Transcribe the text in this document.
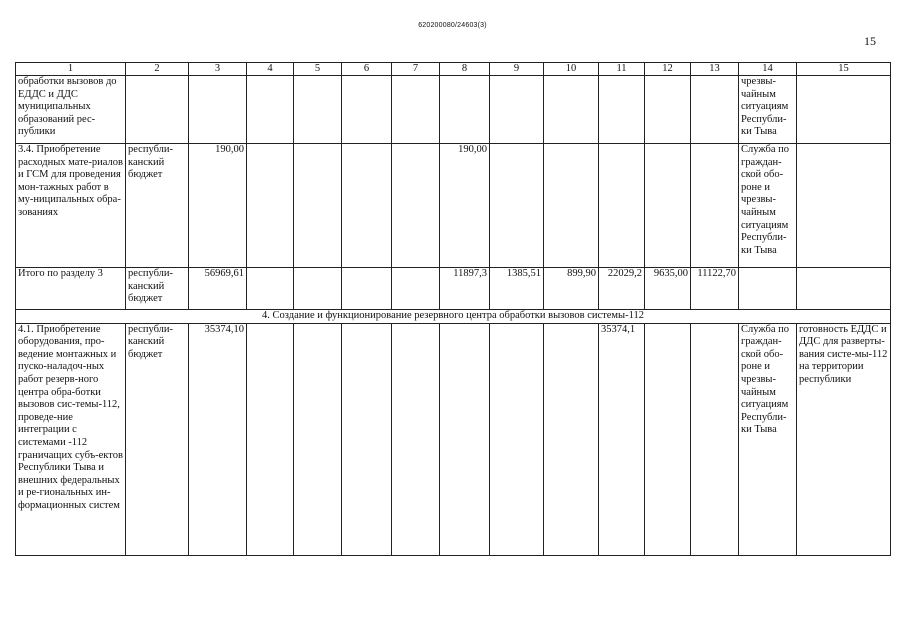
620200080/24603(3)
15
1	2	3	4	5	6	7	8	9	10	11	12	13	14	15
обработки вызовов до ЕДДС и ДДС муниципальных образований рес-публики													чрезвы-чайным ситуациям Республи-ки Тыва	
3.4. Приобретение расходных мате-риалов и ГСМ для проведения мон-тажных работ в му-ниципальных обра-зованиях	республи-канский бюджет	190,00					190,00						Служба по граждан-ской обо-роне и чрезвы-чайным ситуациям Республи-ки Тыва	
Итого по разделу 3	республи-канский бюджет	56969,61					11897,3	1385,51	899,90	22029,2	9635,00	11122,70		
4. Создание и функционирование резервного центра обработки вызовов системы-112														
4.1. Приобретение оборудования, про-ведение монтажных и пуско-наладоч-ных работ резерв-ного центра обра-ботки вызовов сис-темы-112, проведе-ние интеграции с системами -112 граничащих субъ-ектов Республики Тыва и внешних федеральных и ре-гиональных ин-формационных систем	республи-канский бюджет	35374,10								35374,1			Служба по граждан-ской обо-роне и чрезвы-чайным ситуациям Республи-ки Тыва	готовность ЕДДС и ДДС для разверты-вания систе-мы-112 на территории республики
